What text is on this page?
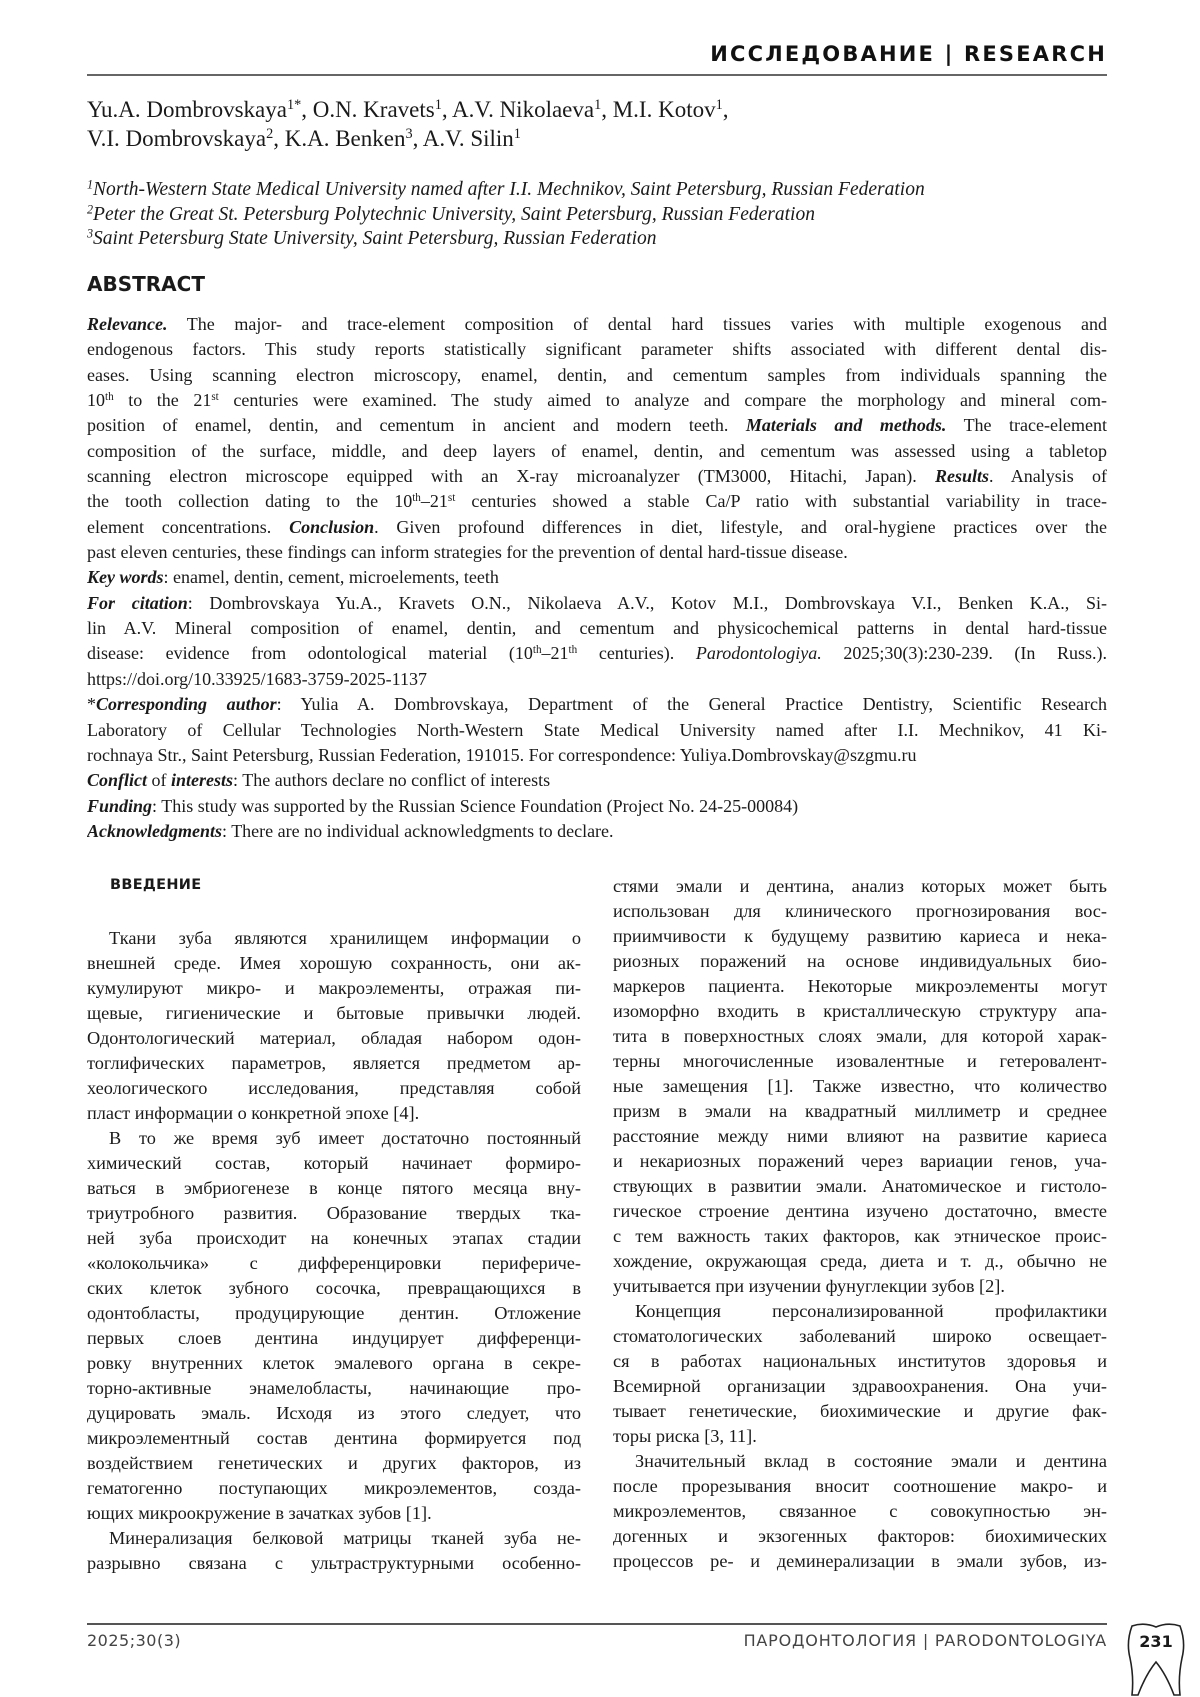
ИССЛЕДОВАНИЕ | RESEARCH
Yu.A. Dombrovskaya1*, O.N. Kravets1, A.V. Nikolaeva1, M.I. Kotov1,
V.I. Dombrovskaya2, K.A. Benken3, A.V. Silin1
1North-Western State Medical University named after I.I. Mechnikov, Saint Petersburg, Russian Federation
2Peter the Great St. Petersburg Polytechnic University, Saint Petersburg, Russian Federation
3Saint Petersburg State University, Saint Petersburg, Russian Federation
ABSTRACT
Relevance. The major- and trace-element composition of dental hard tissues varies with multiple exogenous and
endogenous factors. This study reports statistically significant parameter shifts associated with different dental dis-
eases. Using scanning electron microscopy, enamel, dentin, and cementum samples from individuals spanning the
10th to the 21st centuries were examined. The study aimed to analyze and compare the morphology and mineral com-
position of enamel, dentin, and cementum in ancient and modern teeth. Materials and methods. The trace-element
composition of the surface, middle, and deep layers of enamel, dentin, and cementum was assessed using a tabletop
scanning electron microscope equipped with an X-ray microanalyzer (TM3000, Hitachi, Japan). Results. Analysis of
the tooth collection dating to the 10th–21st centuries showed a stable Ca/P ratio with substantial variability in trace-
element concentrations. Conclusion. Given profound differences in diet, lifestyle, and oral-hygiene practices over the
past eleven centuries, these findings can inform strategies for the prevention of dental hard-tissue disease.
Key words: enamel, dentin, cement, microelements, teeth
For citation: Dombrovskaya Yu.A., Kravets O.N., Nikolaeva A.V., Kotov M.I., Dombrovskaya V.I., Benken K.A., Si-
lin A.V. Mineral composition of enamel, dentin, and cementum and physicochemical patterns in dental hard-tissue
disease: evidence from odontological material (10th–21th centuries). Parodontologiya. 2025;30(3):230-239. (In Russ.).
https://doi.org/10.33925/1683-3759-2025-1137
*Corresponding author: Yulia A. Dombrovskaya, Department of the General Practice Dentistry, Scientific Research
Laboratory of Cellular Technologies North-Western State Medical University named after I.I. Mechnikov, 41 Ki-
rochnaya Str., Saint Petersburg, Russian Federation, 191015. For correspondence: Yuliya.Dombrovskay@szgmu.ru
Conflict of interests: The authors declare no conflict of interests
Funding: This study was supported by the Russian Science Foundation (Project No. 24-25-00084)
Acknowledgments: There are no individual acknowledgments to declare.
ВВЕДЕНИЕ
Ткани зуба являются хранилищем информации о
внешней среде. Имея хорошую сохранность, они ак-
кумулируют микро- и макроэлементы, отражая пи-
щевые, гигиенические и бытовые привычки людей.
Одонтологический материал, обладая набором одон-
тоглифических параметров, является предметом ар-
хеологического исследования, представляя собой
пласт информации о конкретной эпохе [4].
В то же время зуб имеет достаточно постоянный
химический состав, который начинает формиро-
ваться в эмбриогенезе в конце пятого месяца вну-
триутробного развития. Образование твердых тка-
ней зуба происходит на конечных этапах стадии
«колокольчика» с дифференцировки перифериче-
ских клеток зубного сосочка, превращающихся в
одонтобласты, продуцирующие дентин. Отложение
первых слоев дентина индуцирует дифференци-
ровку внутренних клеток эмалевого органа в секре-
торно-активные энамелобласты, начинающие про-
дуцировать эмаль. Исходя из этого следует, что
микроэлементный состав дентина формируется под
воздействием генетических и других факторов, из
гематогенно поступающих микроэлементов, созда-
ющих микроокружение в зачатках зубов [1].
Минерализация белковой матрицы тканей зуба не-
разрывно связана с ультраструктурными особенно-
стями эмали и дентина, анализ которых может быть
использован для клинического прогнозирования вос-
приимчивости к будущему развитию кариеса и нека-
риозных поражений на основе индивидуальных био-
маркеров пациента. Некоторые микроэлементы могут
изоморфно входить в кристаллическую структуру апа-
тита в поверхностных слоях эмали, для которой харак-
терны многочисленные изовалентные и гетеровалент-
ные замещения [1]. Также известно, что количество
призм в эмали на квадратный миллиметр и среднее
расстояние между ними влияют на развитие кариеса
и некариозных поражений через вариации генов, уча-
ствующих в развитии эмали. Анатомическое и гистоло-
гическое строение дентина изучено достаточно, вместе
с тем важность таких факторов, как этническое проис-
хождение, окружающая среда, диета и т. д., обычно не
учитывается при изучении фунуглекции зубов [2].
Концепция персонализированной профилактики
стоматологических заболеваний широко освещает-
ся в работах национальных институтов здоровья и
Всемирной организации здравоохранения. Она учи-
тывает генетические, биохимические и другие фак-
торы риска [3, 11].
Значительный вклад в состояние эмали и дентина
после прорезывания вносит соотношение макро- и
микроэлементов, связанное с совокупностью эн-
догенных и экзогенных факторов: биохимических
процессов ре- и деминерализации в эмали зубов, из-
2025;30(3)	ПАРОДОНТОЛОГИЯ | PARODONTOLOGIYA	231
